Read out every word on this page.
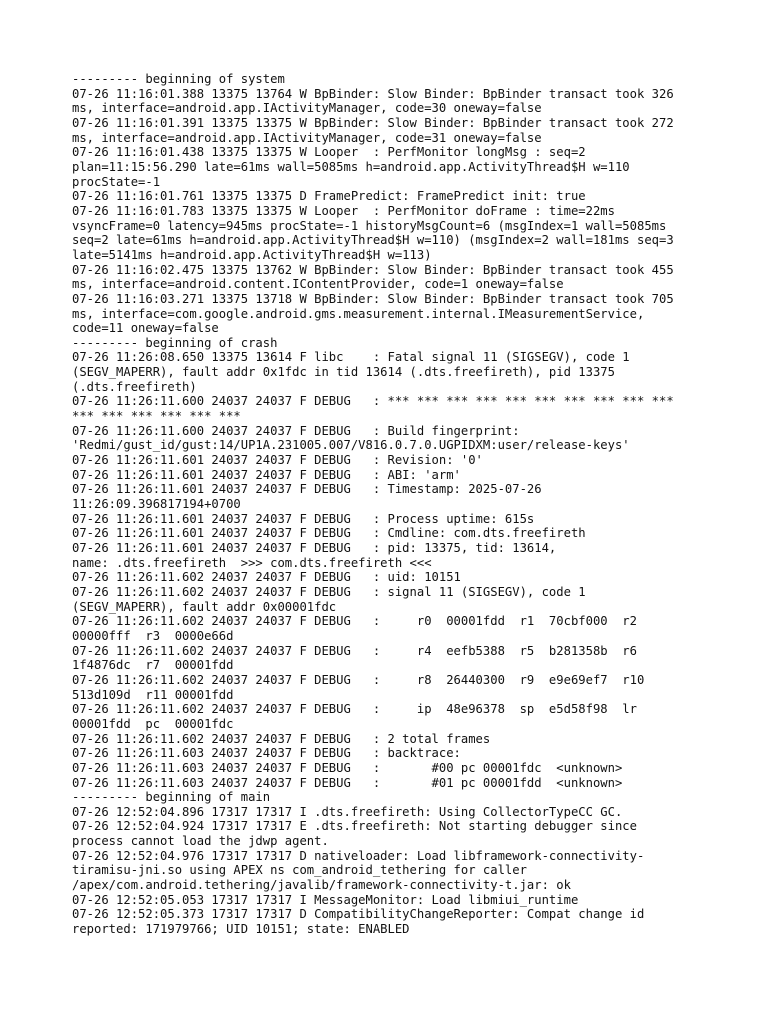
--------- beginning of system
07-26 11:16:01.388 13375 13764 W BpBinder: Slow Binder: BpBinder transact took 326
ms, interface=android.app.IActivityManager, code=30 oneway=false
07-26 11:16:01.391 13375 13375 W BpBinder: Slow Binder: BpBinder transact took 272
ms, interface=android.app.IActivityManager, code=31 oneway=false
07-26 11:16:01.438 13375 13375 W Looper  : PerfMonitor longMsg : seq=2
plan=11:15:56.290 late=61ms wall=5085ms h=android.app.ActivityThread$H w=110
procState=-1
07-26 11:16:01.761 13375 13375 D FramePredict: FramePredict init: true
07-26 11:16:01.783 13375 13375 W Looper  : PerfMonitor doFrame : time=22ms
vsyncFrame=0 latency=945ms procState=-1 historyMsgCount=6 (msgIndex=1 wall=5085ms
seq=2 late=61ms h=android.app.ActivityThread$H w=110) (msgIndex=2 wall=181ms seq=3
late=5141ms h=android.app.ActivityThread$H w=113)
07-26 11:16:02.475 13375 13762 W BpBinder: Slow Binder: BpBinder transact took 455
ms, interface=android.content.IContentProvider, code=1 oneway=false
07-26 11:16:03.271 13375 13718 W BpBinder: Slow Binder: BpBinder transact took 705
ms, interface=com.google.android.gms.measurement.internal.IMeasurementService,
code=11 oneway=false
--------- beginning of crash
07-26 11:26:08.650 13375 13614 F libc    : Fatal signal 11 (SIGSEGV), code 1
(SEGV_MAPERR), fault addr 0x1fdc in tid 13614 (.dts.freefireth), pid 13375
(.dts.freefireth)
07-26 11:26:11.600 24037 24037 F DEBUG   : *** *** *** *** *** *** *** *** *** ***
*** *** *** *** *** ***
07-26 11:26:11.600 24037 24037 F DEBUG   : Build fingerprint:
'Redmi/gust_id/gust:14/UP1A.231005.007/V816.0.7.0.UGPIDXM:user/release-keys'
07-26 11:26:11.601 24037 24037 F DEBUG   : Revision: '0'
07-26 11:26:11.601 24037 24037 F DEBUG   : ABI: 'arm'
07-26 11:26:11.601 24037 24037 F DEBUG   : Timestamp: 2025-07-26
11:26:09.396817194+0700
07-26 11:26:11.601 24037 24037 F DEBUG   : Process uptime: 615s
07-26 11:26:11.601 24037 24037 F DEBUG   : Cmdline: com.dts.freefireth
07-26 11:26:11.601 24037 24037 F DEBUG   : pid: 13375, tid: 13614,
name: .dts.freefireth  >>> com.dts.freefireth <<<
07-26 11:26:11.602 24037 24037 F DEBUG   : uid: 10151
07-26 11:26:11.602 24037 24037 F DEBUG   : signal 11 (SIGSEGV), code 1
(SEGV_MAPERR), fault addr 0x00001fdc
07-26 11:26:11.602 24037 24037 F DEBUG   :     r0  00001fdd  r1  70cbf000  r2
00000fff  r3  0000e66d
07-26 11:26:11.602 24037 24037 F DEBUG   :     r4  eefb5388  r5  b281358b  r6
1f4876dc  r7  00001fdd
07-26 11:26:11.602 24037 24037 F DEBUG   :     r8  26440300  r9  e9e69ef7  r10
513d109d  r11 00001fdd
07-26 11:26:11.602 24037 24037 F DEBUG   :     ip  48e96378  sp  e5d58f98  lr
00001fdd  pc  00001fdc
07-26 11:26:11.602 24037 24037 F DEBUG   : 2 total frames
07-26 11:26:11.603 24037 24037 F DEBUG   : backtrace:
07-26 11:26:11.603 24037 24037 F DEBUG   :       #00 pc 00001fdc  <unknown>
07-26 11:26:11.603 24037 24037 F DEBUG   :       #01 pc 00001fdd  <unknown>
--------- beginning of main
07-26 12:52:04.896 17317 17317 I .dts.freefireth: Using CollectorTypeCC GC.
07-26 12:52:04.924 17317 17317 E .dts.freefireth: Not starting debugger since
process cannot load the jdwp agent.
07-26 12:52:04.976 17317 17317 D nativeloader: Load libframework-connectivity-
tiramisu-jni.so using APEX ns com_android_tethering for caller
/apex/com.android.tethering/javalib/framework-connectivity-t.jar: ok
07-26 12:52:05.053 17317 17317 I MessageMonitor: Load libmiui_runtime
07-26 12:52:05.373 17317 17317 D CompatibilityChangeReporter: Compat change id
reported: 171979766; UID 10151; state: ENABLED
